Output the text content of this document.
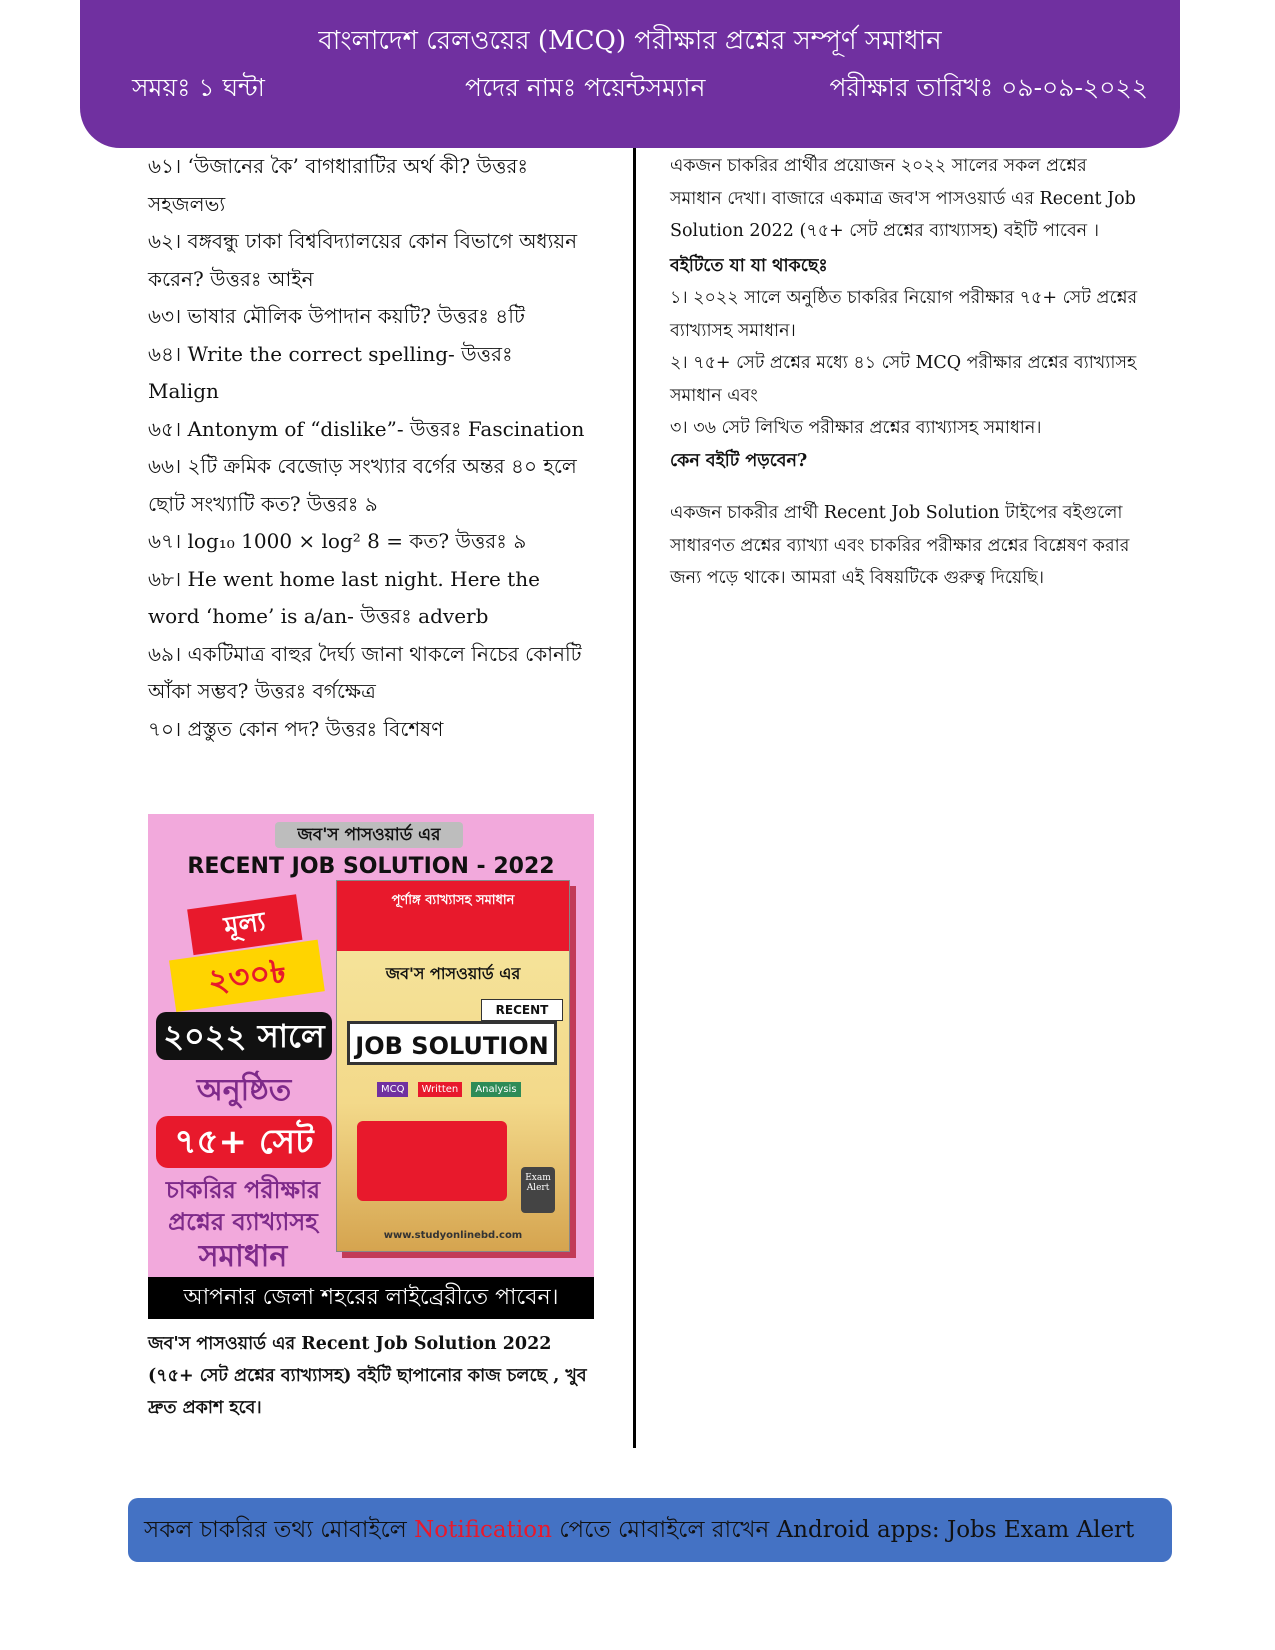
বাংলাদেশ রেলওয়ের (MCQ) পরীক্ষার প্রশ্নের সম্পূর্ণ সমাধান
সময়ঃ ১ ঘন্টা	পদের নামঃ পয়েন্টসম্যান	পরীক্ষার তারিখঃ ০৯-০৯-২০২২
৬১। ‘উজানের কৈ’ বাগধারাটির অর্থ কী? উত্তরঃ সহজলভ্য
৬২। বঙ্গবন্ধু ঢাকা বিশ্ববিদ্যালয়ের কোন বিভাগে অধ্যয়ন করেন? উত্তরঃ আইন
৬৩। ভাষার মৌলিক উপাদান কয়টি? উত্তরঃ ৪টি
৬৪। Write the correct spelling- উত্তরঃ Malign
৬৫। Antonym of “dislike”- উত্তরঃ Fascination
৬৬। ২টি ক্রমিক বেজোড় সংখ্যার বর্গের অন্তর ৪০ হলে ছোট সংখ্যাটি কত? উত্তরঃ ৯
৬৭। log₁₀ 1000 × log² 8 = কত? উত্তরঃ ৯
৬৮। He went home last night. Here the word ‘home’ is a/an- উত্তরঃ adverb
৬৯। একটিমাত্র বাহুর দৈর্ঘ্য জানা থাকলে নিচের কোনটি আঁকা সম্ভব? উত্তরঃ বর্গক্ষেত্র
৭০। প্রস্তুত কোন পদ? উত্তরঃ বিশেষণ
জব'স পাসওয়ার্ড এর
RECENT JOB SOLUTION - 2022
মূল্য
২৩০৳
২০২২ সালে
অনুষ্ঠিত
৭৫+ সেট
চাকরির পরীক্ষার
প্রশ্নের ব্যাখ্যাসহ
সমাধান
পূর্ণাঙ্গ ব্যাখ্যাসহ সমাধান
জব'স পাসওয়ার্ড এর
RECENT
JOB SOLUTION
MCQ Written Analysis
Exam Alert
www.studyonlinebd.com
আপনার জেলা শহরের লাইব্রেরীতে পাবেন।
জব'স পাসওয়ার্ড এর Recent Job Solution 2022 (৭৫+ সেট প্রশ্নের ব্যাখ্যাসহ) বইটি ছাপানোর কাজ চলছে , খুব দ্রুত প্রকাশ হবে।
একজন চাকরির প্রার্থীর প্রয়োজন ২০২২ সালের সকল প্রশ্নের সমাধান দেখা। বাজারে একমাত্র জব'স পাসওয়ার্ড এর Recent Job Solution 2022 (৭৫+ সেট প্রশ্নের ব্যাখ্যাসহ) বইটি পাবেন ।
বইটিতে যা যা থাকছেঃ
১। ২০২২ সালে অনুষ্ঠিত চাকরির নিয়োগ পরীক্ষার ৭৫+ সেট প্রশ্নের ব্যাখ্যাসহ সমাধান।
২। ৭৫+ সেট প্রশ্নের মধ্যে ৪১ সেট MCQ পরীক্ষার প্রশ্নের ব্যাখ্যাসহ সমাধান এবং
৩। ৩৬ সেট লিখিত পরীক্ষার প্রশ্নের ব্যাখ্যাসহ সমাধান।
কেন বইটি পড়বেন?
একজন চাকরীর প্রার্থী Recent Job Solution টাইপের বইগুলো সাধারণত প্রশ্নের ব্যাখ্যা এবং চাকরির পরীক্ষার প্রশ্নের বিশ্লেষণ করার জন্য পড়ে থাকে। আমরা এই বিষয়টিকে গুরুত্ব দিয়েছি।
সকল চাকরির তথ্য মোবাইলে Notification পেতে মোবাইলে রাখেন Android apps: Jobs Exam Alert
